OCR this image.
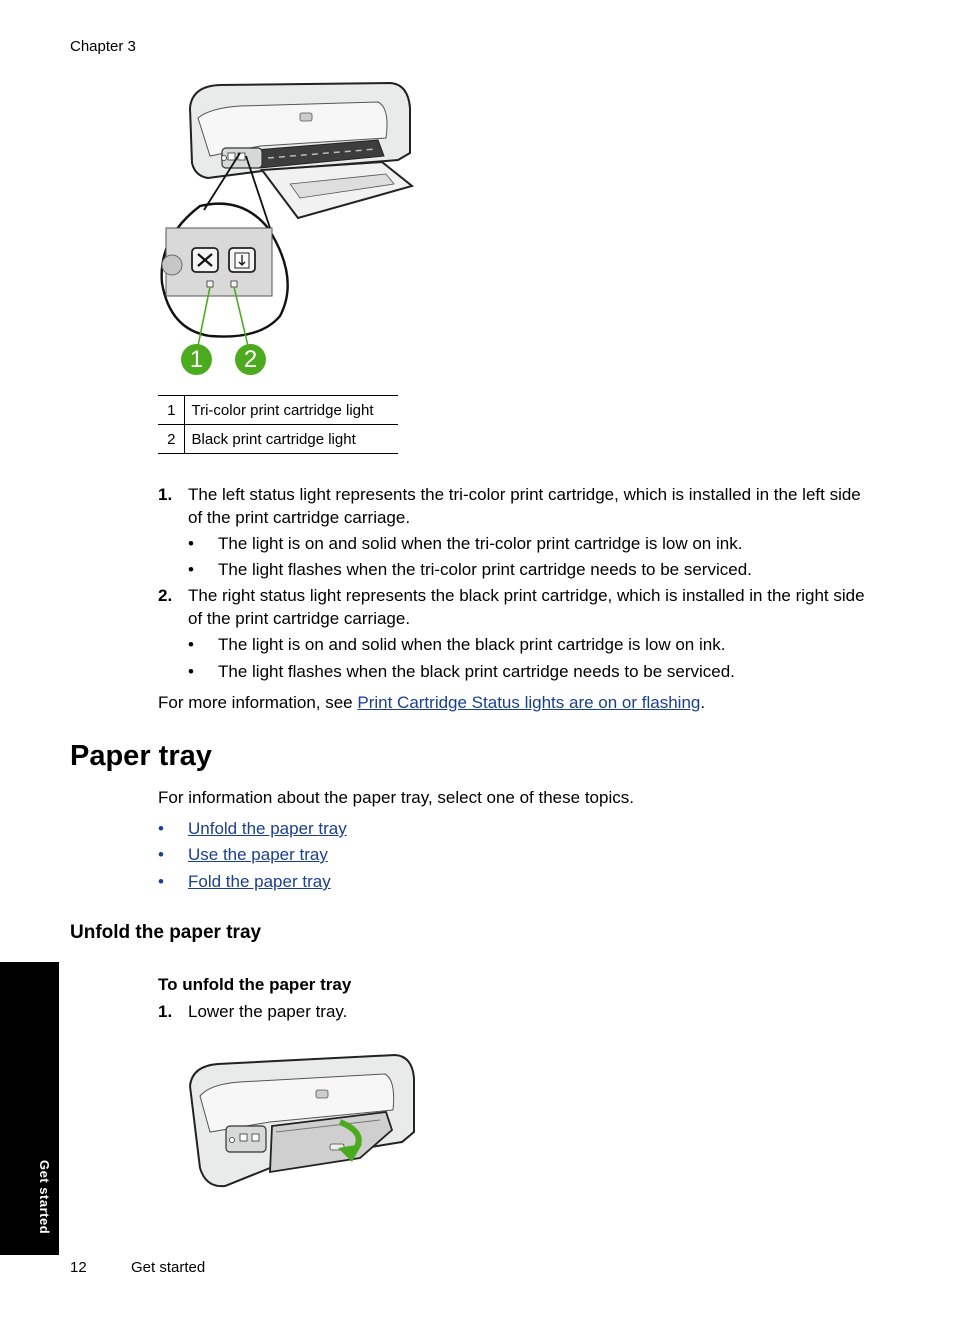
Chapter 3
1	2
1	Tri-color print cartridge light
2	Black print cartridge light
1. The left status light represents the tri-color print cartridge, which is installed in the left side of the print cartridge carriage.
• The light is on and solid when the tri-color print cartridge is low on ink.
• The light flashes when the tri-color print cartridge needs to be serviced.
2. The right status light represents the black print cartridge, which is installed in the right side of the print cartridge carriage.
• The light is on and solid when the black print cartridge is low on ink.
• The light flashes when the black print cartridge needs to be serviced.
For more information, see Print Cartridge Status lights are on or flashing.
Paper tray
For information about the paper tray, select one of these topics.
• Unfold the paper tray
• Use the paper tray
• Fold the paper tray
Unfold the paper tray
To unfold the paper tray
1. Lower the paper tray.
Get started
12	Get started
